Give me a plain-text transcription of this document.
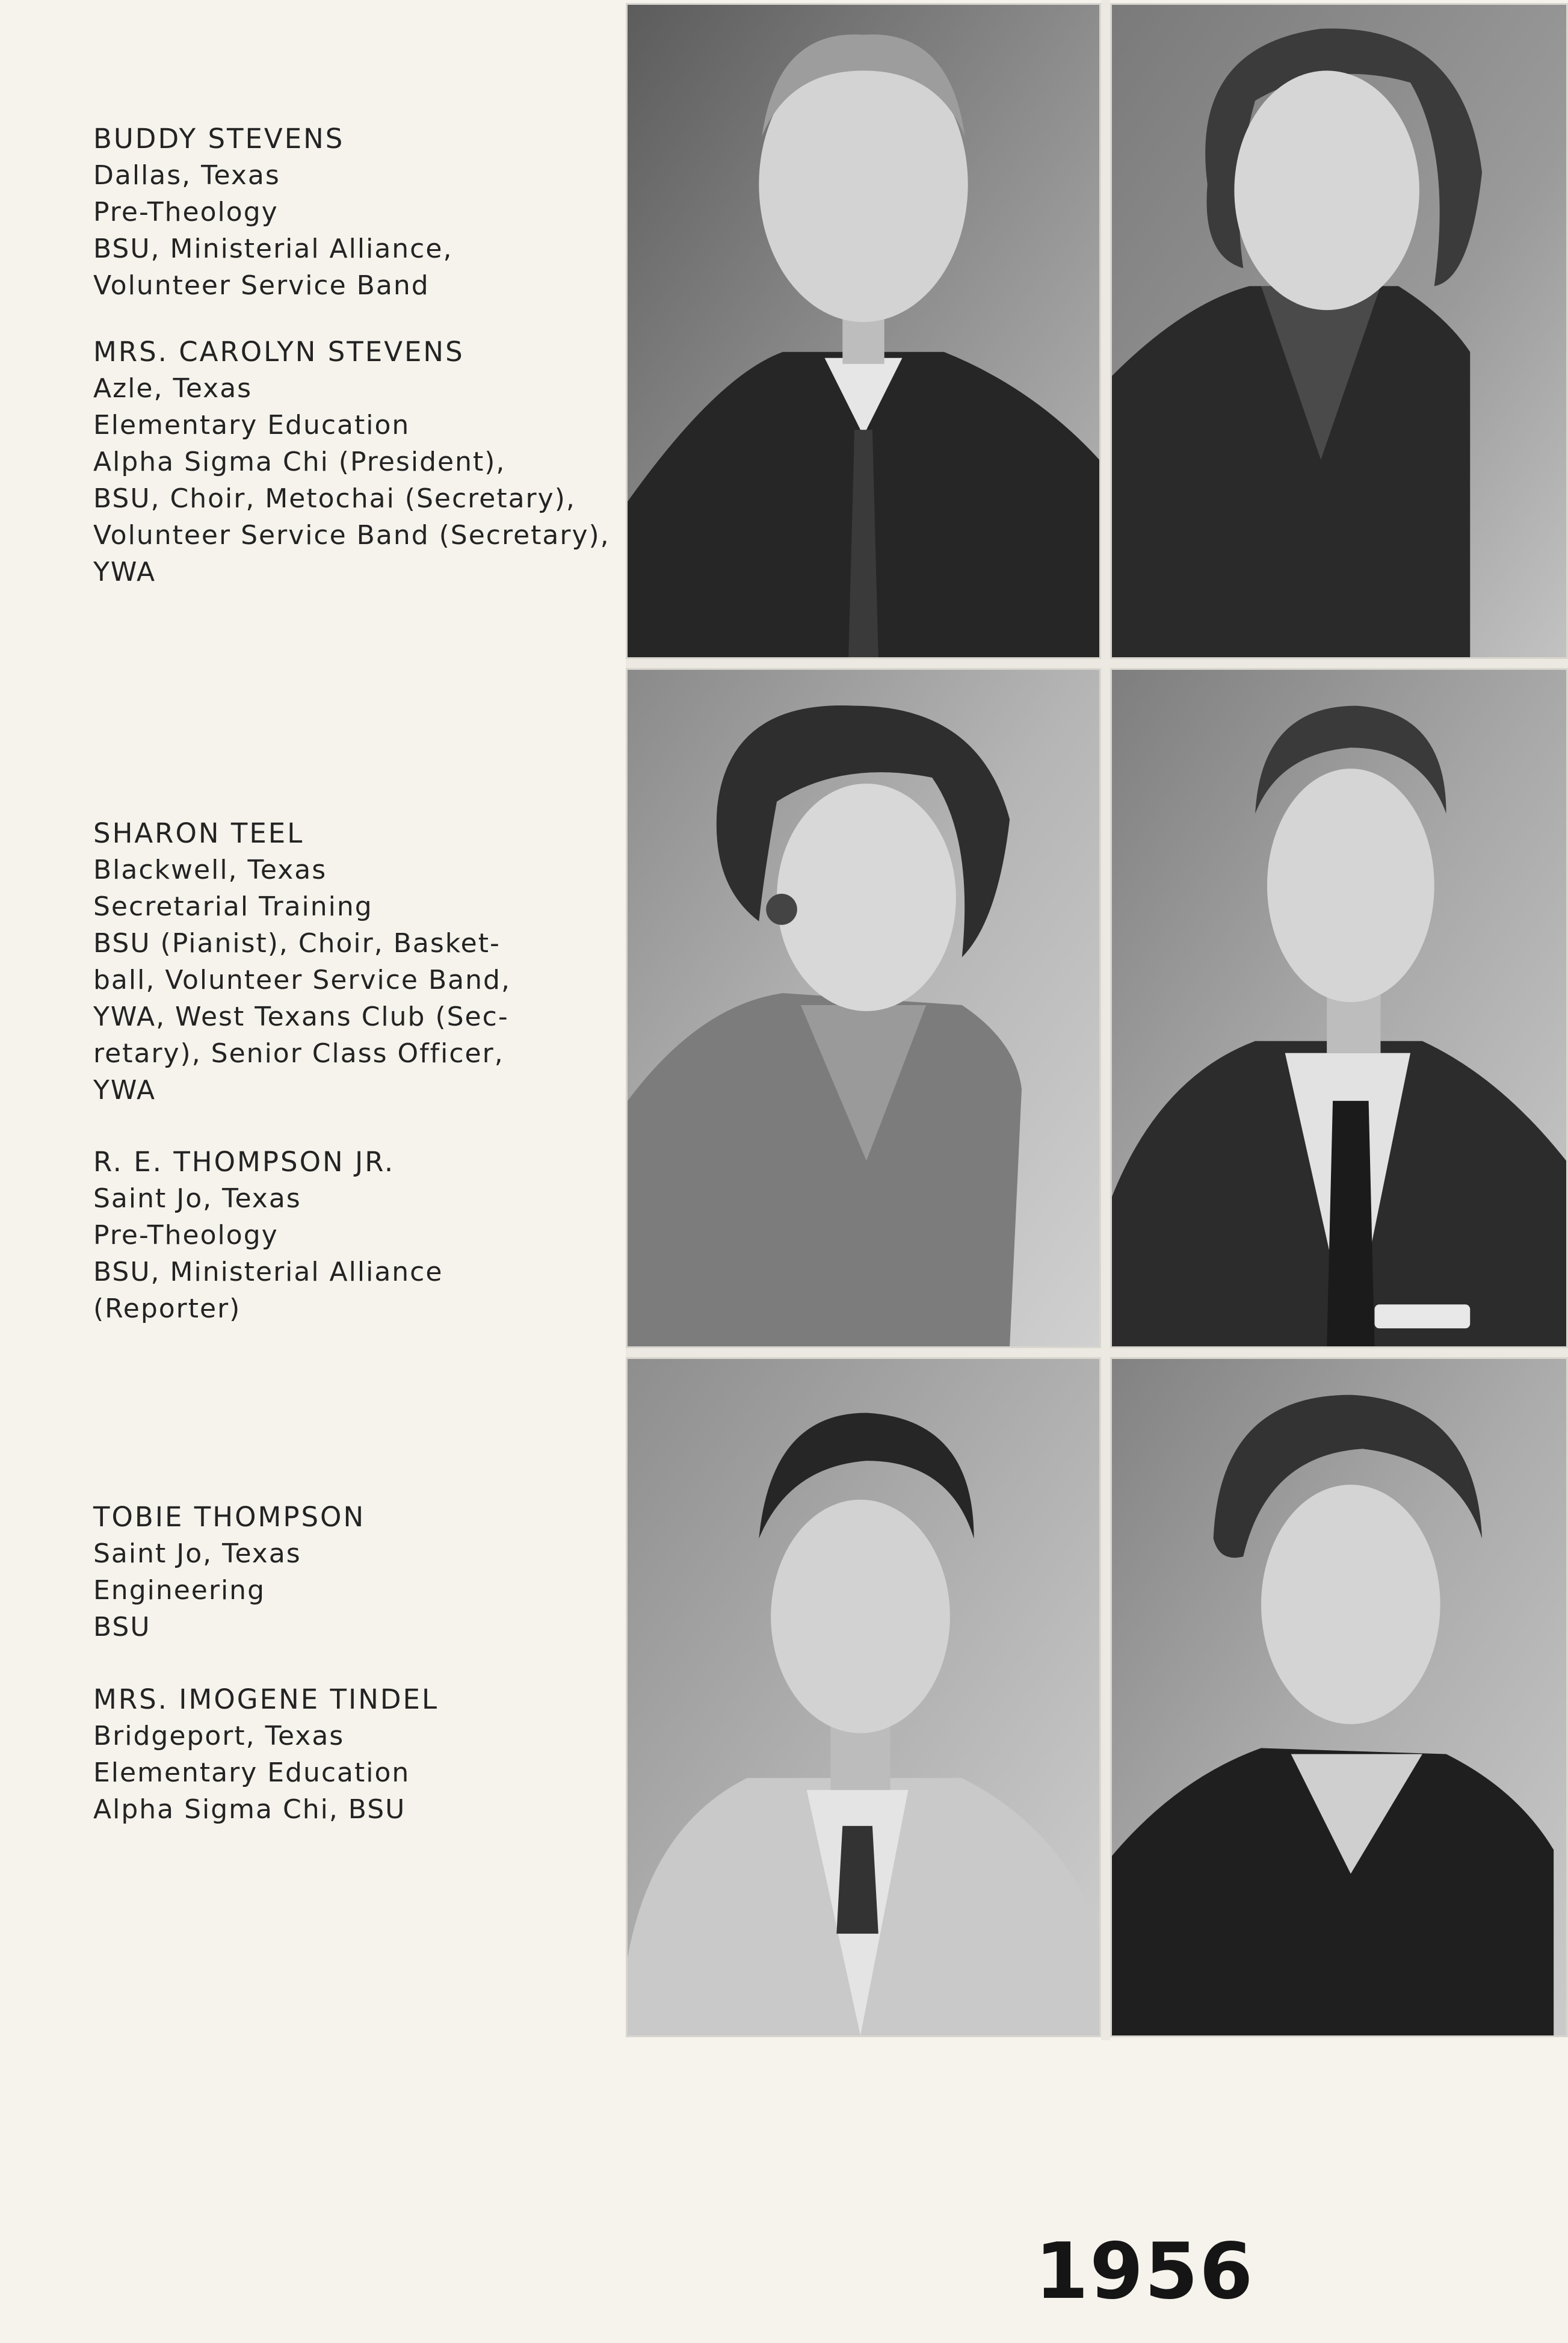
BUDDY STEVENS
Dallas, Texas
Pre-Theology
BSU, Ministerial Alliance,
Volunteer Service Band
MRS. CAROLYN STEVENS
Azle, Texas
Elementary Education
Alpha Sigma Chi (President),
BSU, Choir, Metochai (Secretary),
Volunteer Service Band (Secretary),
YWA
SHARON TEEL
Blackwell, Texas
Secretarial Training
BSU (Pianist), Choir, Basket-
ball, Volunteer Service Band,
YWA, West Texans Club (Sec-
retary), Senior Class Officer,
YWA
R. E. THOMPSON JR.
Saint Jo, Texas
Pre-Theology
BSU, Ministerial Alliance
(Reporter)
TOBIE THOMPSON
Saint Jo, Texas
Engineering
BSU
MRS. IMOGENE TINDEL
Bridgeport, Texas
Elementary Education
Alpha Sigma Chi, BSU
1956
